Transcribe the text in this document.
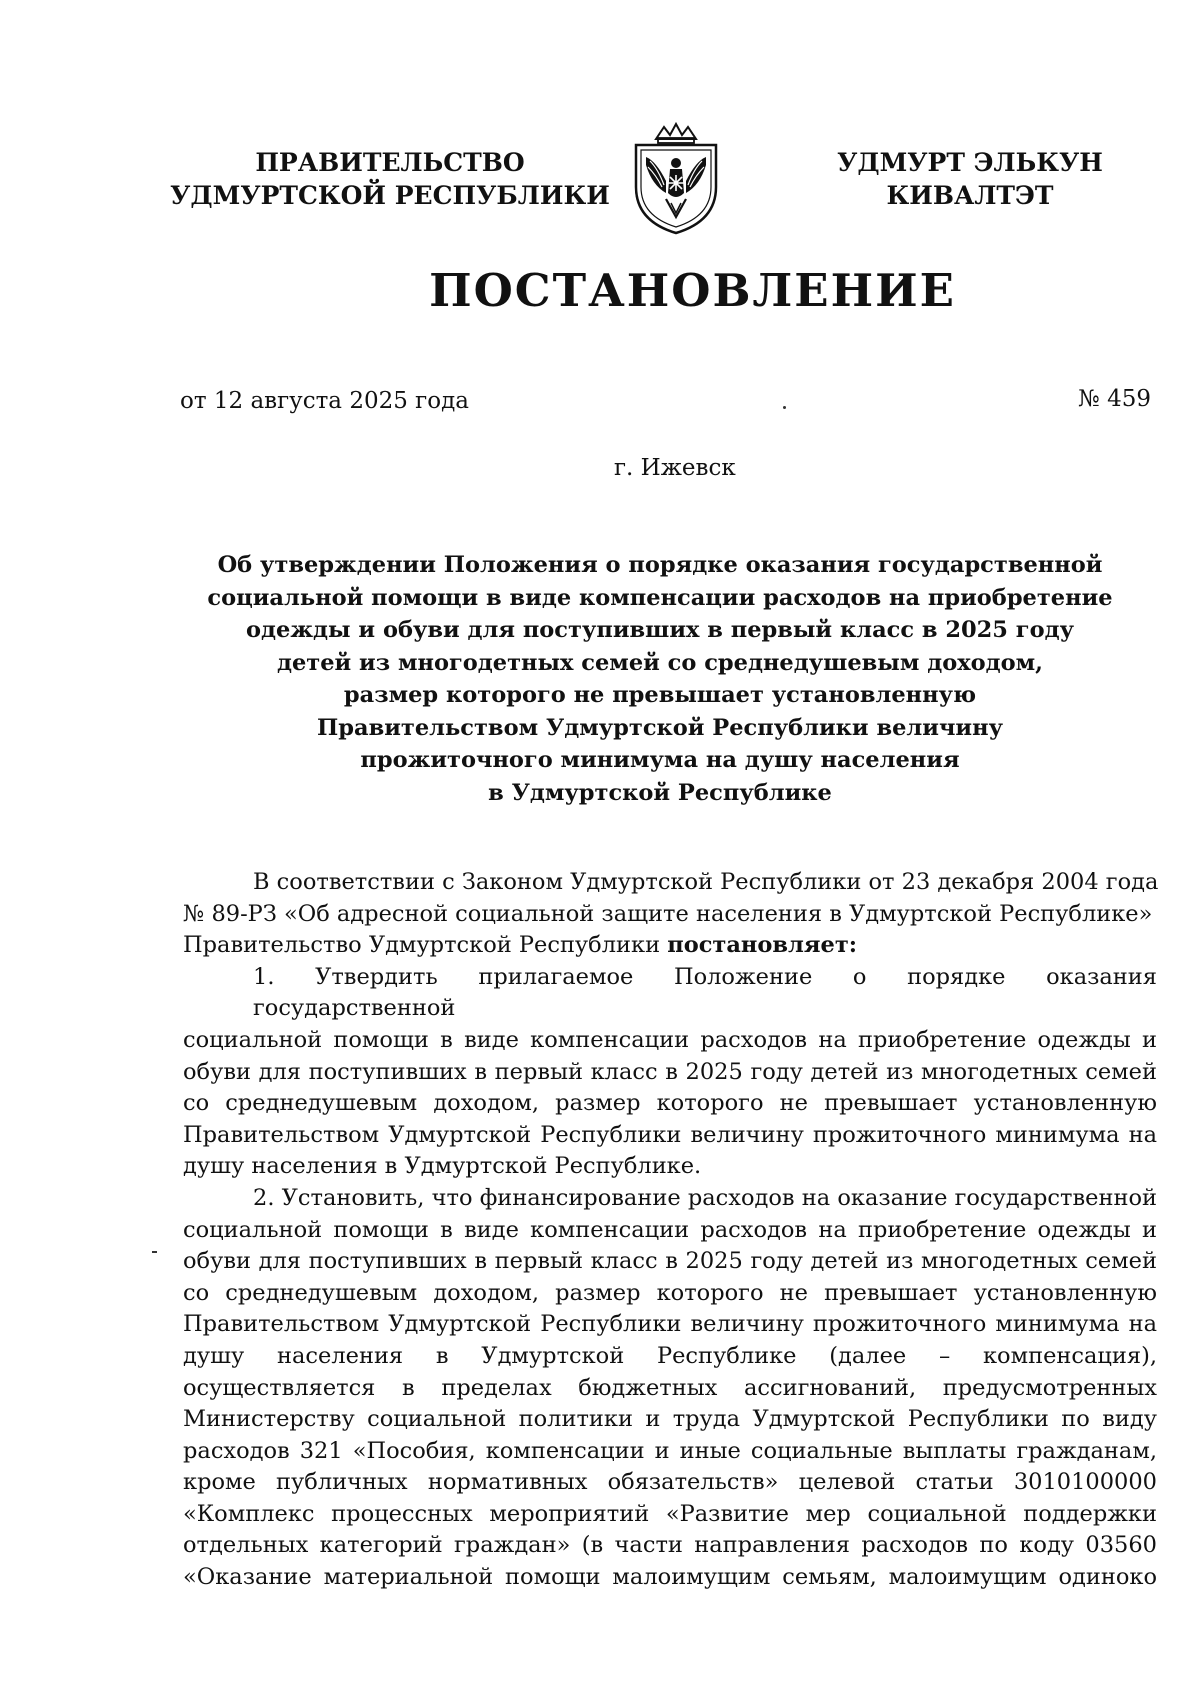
ПРАВИТЕЛЬСТВО
УДМУРТСКОЙ РЕСПУБЛИКИ
УДМУРТ ЭЛЬКУН
КИВАЛТЭТ
ПОСТАНОВЛЕНИЕ
от 12 августа 2025 года	№ 459
г. Ижевск
Об утверждении Положения о порядке оказания государственной
социальной помощи в виде компенсации расходов на приобретение
одежды и обуви для поступивших в первый класс в 2025 году
детей из многодетных семей со среднедушевым доходом,
размер которого не превышает установленную
Правительством Удмуртской Республики величину
прожиточного минимума на душу населения
в Удмуртской Республике
В соответствии с Законом Удмуртской Республики от 23 декабря 2004 года
№ 89-РЗ «Об адресной социальной защите населения в Удмуртской Республике»
Правительство Удмуртской Республики постановляет:
1. Утвердить прилагаемое Положение о порядке оказания государственной
социальной помощи в виде компенсации расходов на приобретение одежды и
обуви для поступивших в первый класс в 2025 году детей из многодетных семей
со среднедушевым доходом, размер которого не превышает установленную
Правительством Удмуртской Республики величину прожиточного минимума на
душу населения в Удмуртской Республике.
2. Установить, что финансирование расходов на оказание государственной
социальной помощи в виде компенсации расходов на приобретение одежды и
обуви для поступивших в первый класс в 2025 году детей из многодетных семей
со среднедушевым доходом, размер которого не превышает установленную
Правительством Удмуртской Республики величину прожиточного минимума на
душу населения в Удмуртской Республике (далее – компенсация),
осуществляется в пределах бюджетных ассигнований, предусмотренных
Министерству социальной политики и труда Удмуртской Республики по виду
расходов 321 «Пособия, компенсации и иные социальные выплаты гражданам,
кроме публичных нормативных обязательств» целевой статьи 3010100000
«Комплекс процессных мероприятий «Развитие мер социальной поддержки
отдельных категорий граждан» (в части направления расходов по коду 03560
«Оказание материальной помощи малоимущим семьям, малоимущим одиноко
